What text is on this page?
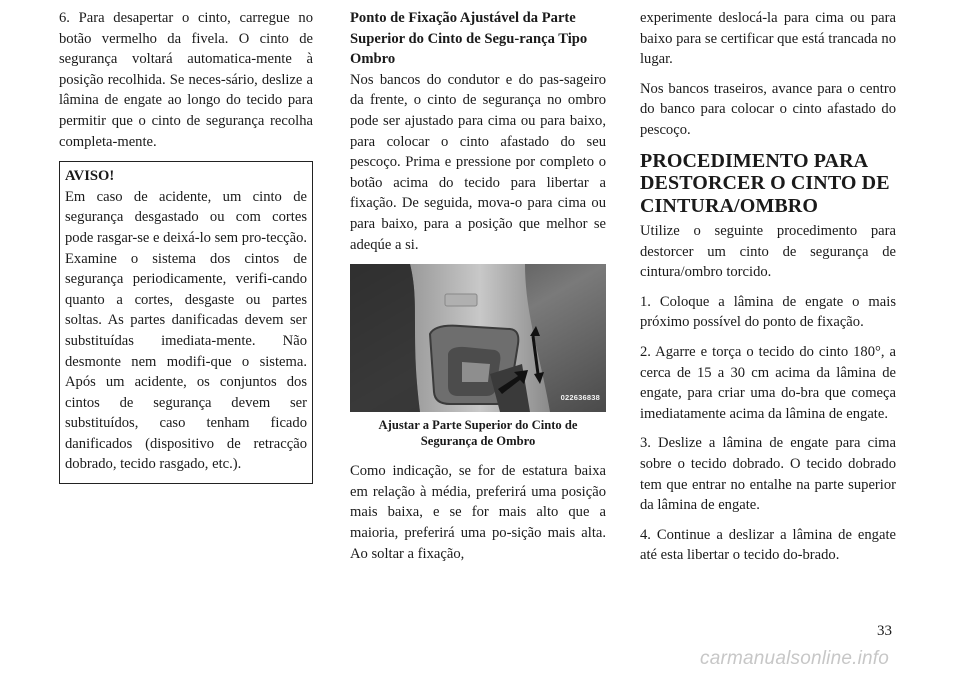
6. Para desapertar o cinto, carregue no botão vermelho da fivela. O cinto de segurança voltará automatica-mente à posição recolhida. Se neces-sário, deslize a lâmina de engate ao longo do tecido para permitir que o cinto de segurança recolha completa-mente.

AVISO!
Em caso de acidente, um cinto de segurança desgastado ou com cortes pode rasgar-se e deixá-lo sem pro-tecção. Examine o sistema dos cintos de segurança periodicamente, verifi-cando quanto a cortes, desgaste ou partes soltas. As partes danificadas devem ser substituídas imediata-mente. Não desmonte nem modifi-que o sistema. Após um acidente, os conjuntos dos cintos de segurança devem ser substituídos, caso tenham ficado danificados (dispositivo de retracção dobrado, tecido rasgado, etc.).

Ponto de Fixação Ajustável da Parte Superior do Cinto de Segu-rança Tipo Ombro

Nos bancos do condutor e do pas-sageiro da frente, o cinto de segurança no ombro pode ser ajustado para cima ou para baixo, para colocar o cinto afastado do seu pescoço. Prima e pressione por completo o botão acima do tecido para libertar a fixação. De seguida, mova-o para cima ou para baixo, para a posição que melhor se adeqúe a si.

022636838
Ajustar a Parte Superior do Cinto de Segurança de Ombro

Como indicação, se for de estatura baixa em relação à média, preferirá uma posição mais baixa, e se for mais alto que a maioria, preferirá uma po-sição mais alta. Ao soltar a fixação,

experimente deslocá-la para cima ou para baixo para se certificar que está trancada no lugar.

Nos bancos traseiros, avance para o centro do banco para colocar o cinto afastado do pescoço.

PROCEDIMENTO PARA DESTORCER O CINTO DE CINTURA/OMBRO

Utilize o seguinte procedimento para destorcer um cinto de segurança de cintura/ombro torcido.

1. Coloque a lâmina de engate o mais próximo possível do ponto de fixação.

2. Agarre e torça o tecido do cinto 180°, a cerca de 15 a 30 cm acima da lâmina de engate, para criar uma do-bra que começa imediatamente acima da lâmina de engate.

3. Deslize a lâmina de engate para cima sobre o tecido dobrado. O tecido dobrado tem que entrar no entalhe na parte superior da lâmina de engate.

4. Continue a deslizar a lâmina de engate até esta libertar o tecido do-brado.

33
carmanualsonline.info
